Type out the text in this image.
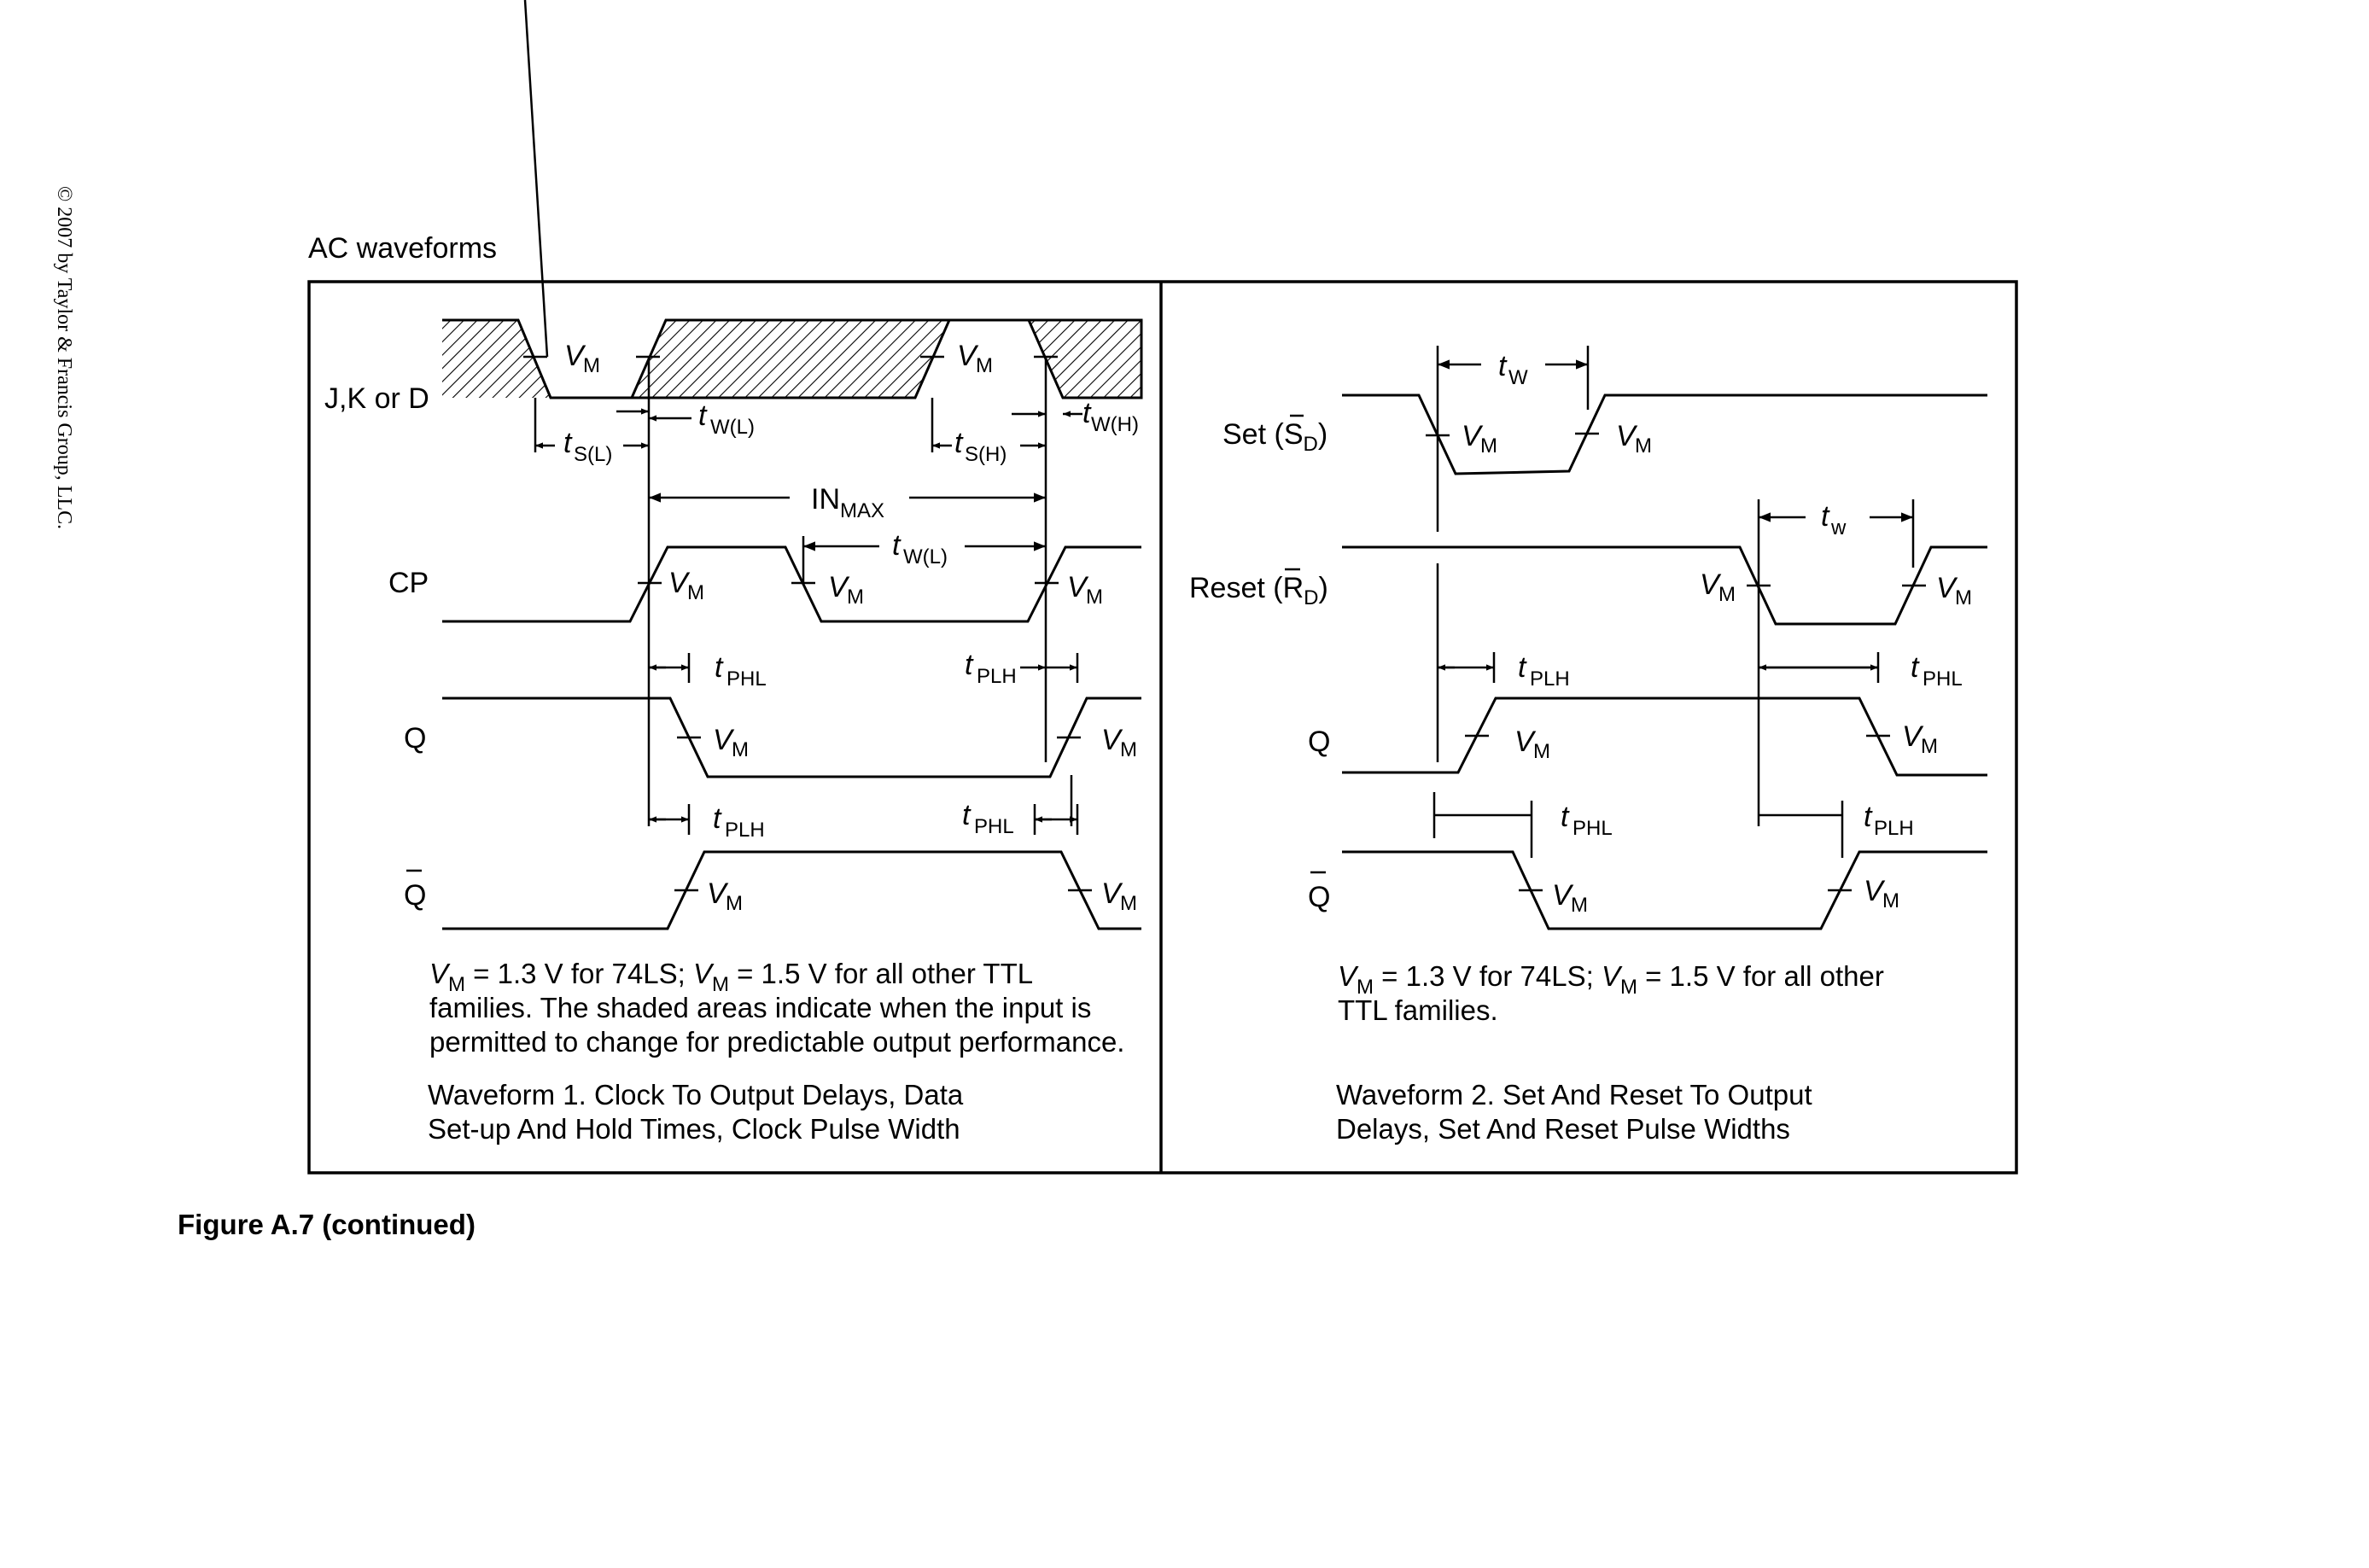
© 2007 by Taylor & Francis Group, LLC.	AC waveforms
J,K or D
CP
Q
Q
V M	V M
t S(L)
t W(L)	t S(H)
t W(H)
IN MAX
V M	V M	V M
t W(L)
t PHL	t PLH
V M	V M
t PLH	t PHL
V M	V M
$V_M = 1.3$ V for 74LS; $V_M = 1.5$ V for all other TTL
families. The shaded areas indicate when the input is
permitted to change for predictable output performance.
Waveform 1. Clock To Output Delays, Data
Set-up And Hold Times, Clock Pulse Width
Set $(S_D)$
Reset $(R_D)$
Q
Q
V M	V M
t W
V M	V M
t w
t PLH	t PHL
V M	V M
t PHL	t PLH
V M	V M
$V_M = 1.3$ V for 74LS; $V_M = 1.5$ V for all other
TTL families.
Waveform 2. Set And Reset To Output
Delays, Set And Reset Pulse Widths
Figure A.7 (continued)
